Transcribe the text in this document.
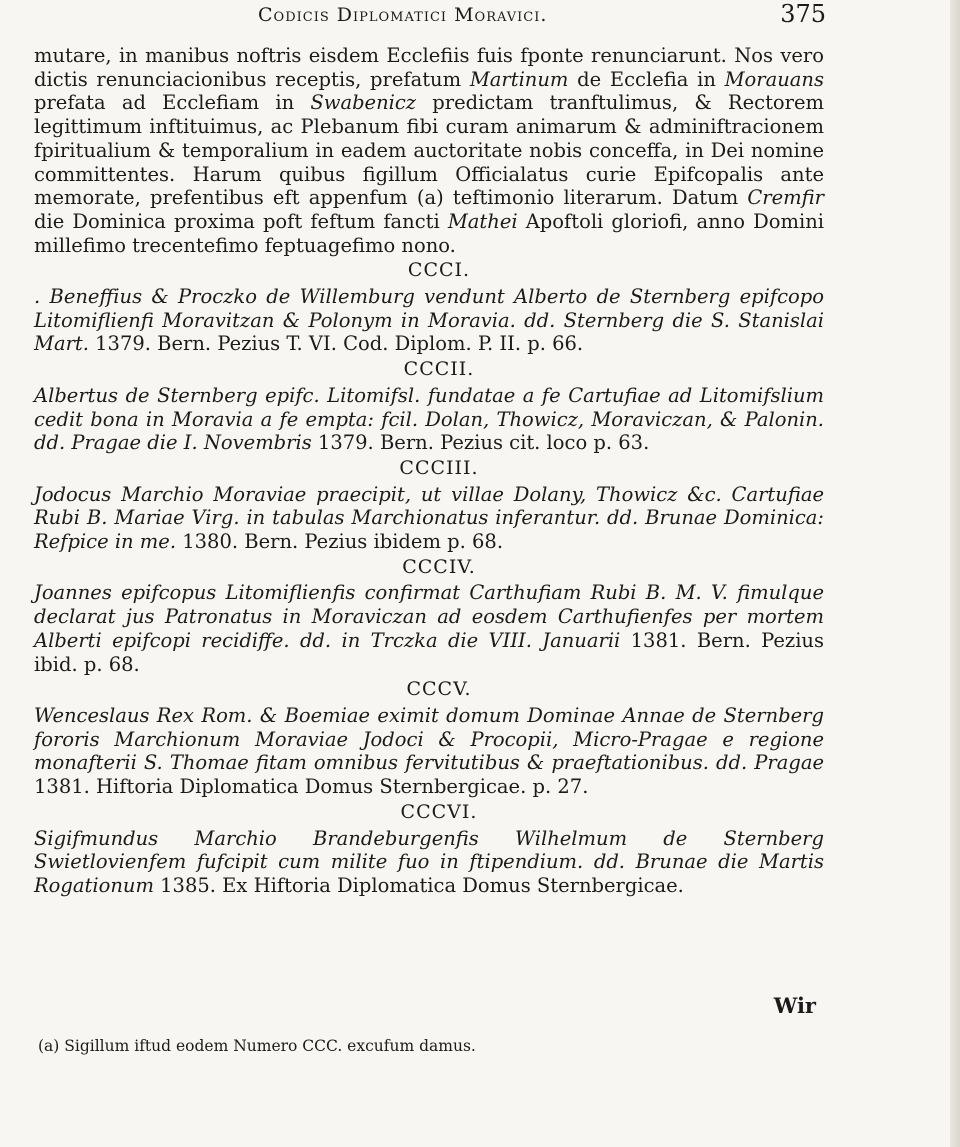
Codicis Diplomatici Moravici.	375

mutare, in manibus noftris eisdem Ecclefiis fuis fponte renunciarunt. Nos vero dictis renunciacionibus receptis, prefatum Martinum de Ecclefia in Morauans prefata ad Ecclefiam in Swabenicz predictam tranftulimus, & Rectorem legittimum inftituimus, ac Plebanum fibi curam animarum & adminiftracionem fpiritualium & temporalium in eadem auctoritate nobis conceffa, in Dei nomine committentes. Harum quibus figillum Officialatus curie Epifcopalis ante memorate, prefentibus eft appenfum (a) teftimonio literarum. Datum Cremfir die Dominica proxima poft feftum fancti Mathei Apoftoli gloriofi, anno Domini millefimo trecentefimo feptuagefimo nono.

CCCI.

. Beneffius & Proczko de Willemburg vendunt Alberto de Sternberg epifcopo Litomiflienfi Moravitzan & Polonym in Moravia. dd. Sternberg die S. Stanislai Mart. 1379. Bern. Pezius T. VI. Cod. Diplom. P. II. p. 66.

CCCII.

Albertus de Sternberg epifc. Litomifsl. fundatae a fe Cartufiae ad Litomifslium cedit bona in Moravia a fe empta: fcil. Dolan, Thowicz, Moraviczan, & Palonin. dd. Pragae die I. Novembris 1379. Bern. Pezius cit. loco p. 63.

CCCIII.

Jodocus Marchio Moraviae praecipit, ut villae Dolany, Thowicz &c. Cartufiae Rubi B. Mariae Virg. in tabulas Marchionatus inferantur. dd. Brunae Dominica: Refpice in me. 1380. Bern. Pezius ibidem p. 68.

CCCIV.

Joannes epifcopus Litomiflienfis confirmat Carthufiam Rubi B. M. V. fimulque declarat jus Patronatus in Moraviczan ad eosdem Carthufienfes per mortem Alberti epifcopi recidiffe. dd. in Trczka die VIII. Januarii 1381. Bern. Pezius ibid. p. 68.

CCCV.

Wenceslaus Rex Rom. & Boemiae eximit domum Dominae Annae de Sternberg fororis Marchionum Moraviae Jodoci & Procopii, Micro-Pragae e regione monafterii S. Thomae fitam omnibus fervitutibus & praeftationibus. dd. Pragae 1381. Hiftoria Diplomatica Domus Sternbergicae. p. 27.

CCCVI.

Sigifmundus Marchio Brandeburgenfis Wilhelmum de Sternberg Swietlovienfem fufcipit cum milite fuo in ftipendium. dd. Brunae die Martis Rogationum 1385. Ex Hiftoria Diplomatica Domus Sternbergicae.

Wir
(a) Sigillum iftud eodem Numero CCC. excufum damus.
